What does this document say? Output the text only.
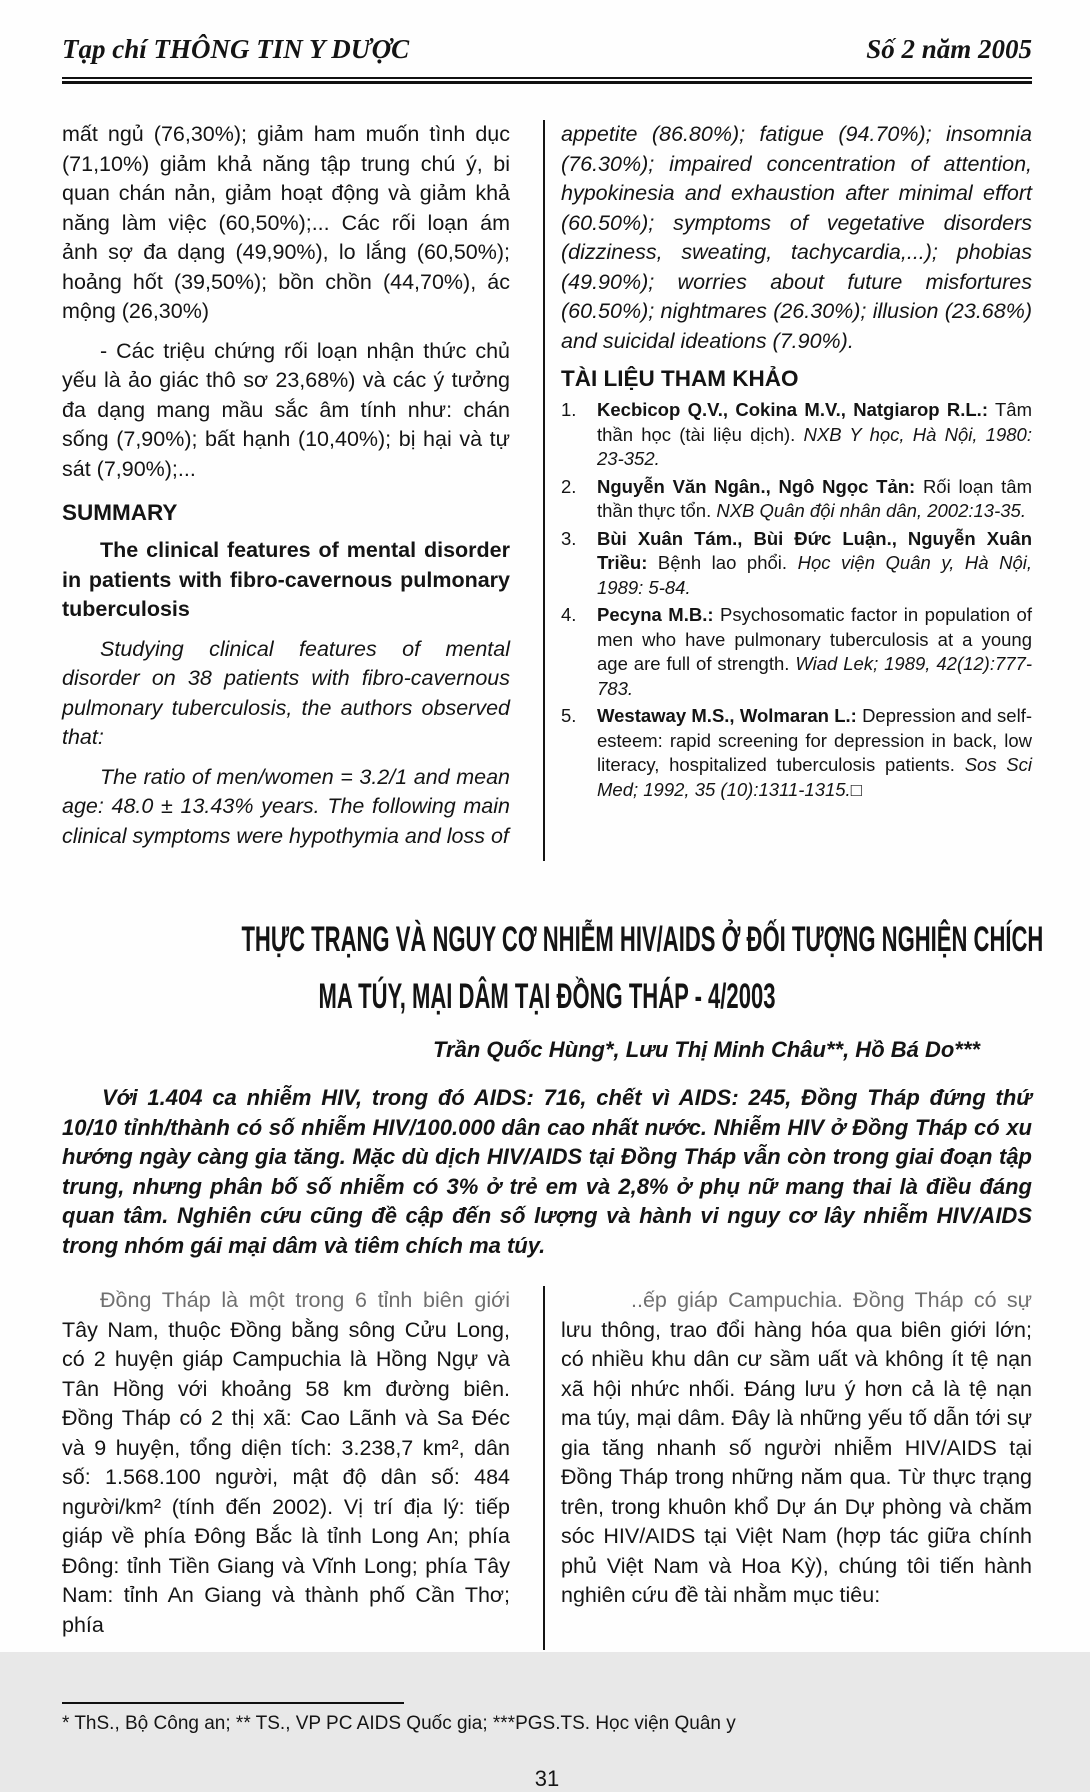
Tạp chí THÔNG TIN Y DƯỢC	Số 2 năm 2005

mất ngủ (76,30%); giảm ham muốn tình dục (71,10%) giảm khả năng tập trung chú ý, bi quan chán nản, giảm hoạt động và giảm khả năng làm việc (60,50%);... Các rối loạn ám ảnh sợ đa dạng (49,90%), lo lắng (60,50%); hoảng hốt (39,50%); bồn chồn (44,70%), ác mộng (26,30%)

- Các triệu chứng rối loạn nhận thức chủ yếu là ảo giác thô sơ 23,68%) và các ý tưởng đa dạng mang mầu sắc âm tính như: chán sống (7,90%); bất hạnh (10,40%); bị hại và tự sát (7,90%);...

SUMMARY

The clinical features of mental disorder in patients with fibro-cavernous pulmonary tuberculosis

Studying clinical features of mental disorder on 38 patients with fibro-cavernous pulmonary tuberculosis, the authors observed that:

The ratio of men/women = 3.2/1 and mean age: 48.0 ± 13.43% years. The following main clinical symptoms were hypothymia and loss of

appetite (86.80%); fatigue (94.70%); insomnia (76.30%); impaired concentration of attention, hypokinesia and exhaustion after minimal effort (60.50%); symptoms of vegetative disorders (dizziness, sweating, tachycardia,...); phobias (49.90%); worries about future misfortures (60.50%); nightmares (26.30%); illusion (23.68%) and suicidal ideations (7.90%).

TÀI LIỆU THAM KHẢO
1.	Kecbicop Q.V., Cokina M.V., Natgiarop R.L.: Tâm thần học (tài liệu dịch). NXB Y học, Hà Nội, 1980: 23-352.
2.	Nguyễn Văn Ngân., Ngô Ngọc Tản: Rối loạn tâm thần thực tổn. NXB Quân đội nhân dân, 2002:13-35.
3.	Bùi Xuân Tám., Bùi Đức Luận., Nguyễn Xuân Triều: Bệnh lao phổi. Học viện Quân y, Hà Nội, 1989: 5-84.
4.	Pecyna M.B.: Psychosomatic factor in population of men who have pulmonary tuberculosis at a young age are full of strength. Wiad Lek; 1989, 42(12):777-783.
5.	Westaway M.S., Wolmaran L.: Depression and self-esteem: rapid screening for depression in back, low literacy, hospitalized tuberculosis patients. Sos Sci Med; 1992, 35 (10):1311-1315.□
THỰC TRẠNG VÀ NGUY CƠ NHIỄM HIV/AIDS Ở ĐỐI TƯỢNG NGHIỆN CHÍCH
MA TÚY, MẠI DÂM TẠI ĐỒNG THÁP - 4/2003
Trần Quốc Hùng*, Lưu Thị Minh Châu**, Hồ Bá Do***

Với 1.404 ca nhiễm HIV, trong đó AIDS: 716, chết vì AIDS: 245, Đồng Tháp đứng thứ 10/10 tỉnh/thành có số nhiễm HIV/100.000 dân cao nhất nước. Nhiễm HIV ở Đồng Tháp có xu hướng ngày càng gia tăng. Mặc dù dịch HIV/AIDS tại Đồng Tháp vẫn còn trong giai đoạn tập trung, nhưng phân bố số nhiễm có 3% ở trẻ em và 2,8% ở phụ nữ mang thai là điều đáng quan tâm. Nghiên cứu cũng đề cập đến số lượng và hành vi nguy cơ lây nhiễm HIV/AIDS trong nhóm gái mại dâm và tiêm chích ma túy.

Đồng Tháp là một trong 6 tỉnh biên giới Tây Nam, thuộc Đồng bằng sông Cửu Long, có 2 huyện giáp Campuchia là Hồng Ngự và Tân Hồng với khoảng 58 km đường biên. Đồng Tháp có 2 thị xã: Cao Lãnh và Sa Đéc và 9 huyện, tổng diện tích: 3.238,7 km², dân số: 1.568.100 người, mật độ dân số: 484 người/km² (tính đến 2002). Vị trí địa lý: tiếp giáp về phía Đông Bắc là tỉnh Long An; phía Đông: tỉnh Tiền Giang và Vĩnh Long; phía Tây Nam: tỉnh An Giang và thành phố Cần Thơ; phía

..ếp giáp Campuchia. Đồng Tháp có sự lưu thông, trao đổi hàng hóa qua biên giới lớn; có nhiều khu dân cư sầm uất và không ít tệ nạn xã hội nhức nhối. Đáng lưu ý hơn cả là tệ nạn ma túy, mại dâm. Đây là những yếu tố dẫn tới sự gia tăng nhanh số người nhiễm HIV/AIDS tại Đồng Tháp trong những năm qua. Từ thực trạng trên, trong khuôn khổ Dự án Dự phòng và chăm sóc HIV/AIDS tại Việt Nam (hợp tác giữa chính phủ Việt Nam và Hoa Kỳ), chúng tôi tiến hành nghiên cứu đề tài nhằm mục tiêu:

* ThS., Bộ Công an; ** TS., VP PC AIDS Quốc gia; ***PGS.TS. Học viện Quân y
31
